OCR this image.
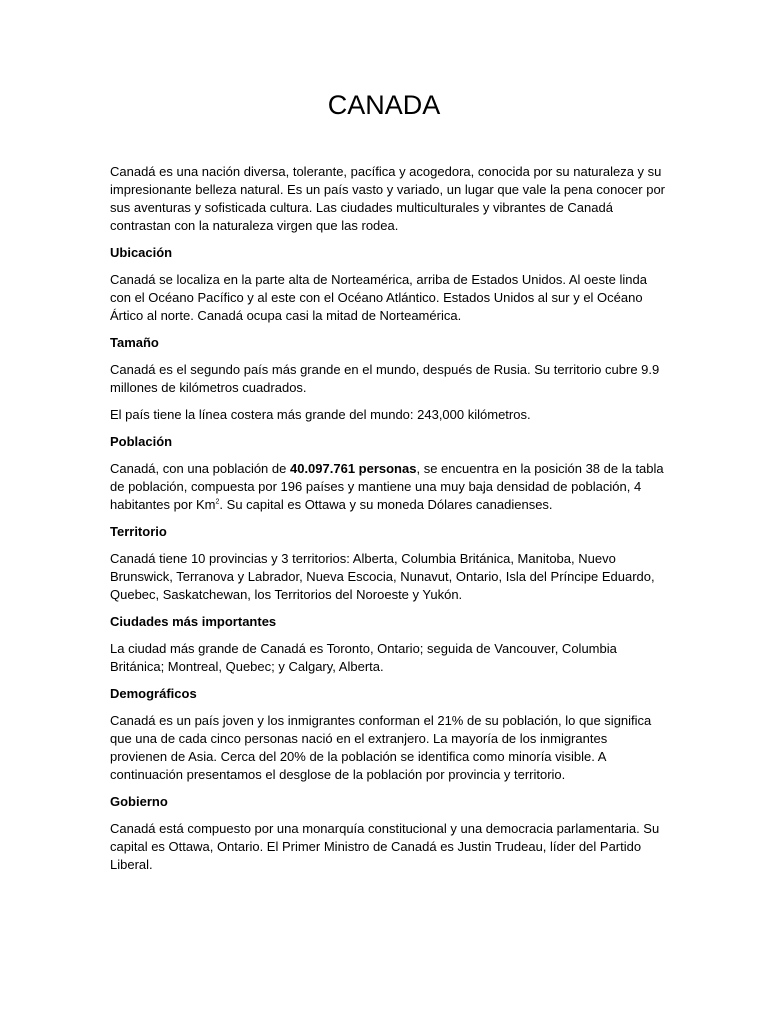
CANADA

Canadá es una nación diversa, tolerante, pacífica y acogedora, conocida por su naturaleza y su impresionante belleza natural. Es un país vasto y variado, un lugar que vale la pena conocer por sus aventuras y sofisticada cultura. Las ciudades multiculturales y vibrantes de Canadá contrastan con la naturaleza virgen que las rodea.

Ubicación

Canadá se localiza en la parte alta de Norteamérica, arriba de Estados Unidos. Al oeste linda con el Océano Pacífico y al este con el Océano Atlántico. Estados Unidos al sur y el Océano Ártico al norte. Canadá ocupa casi la mitad de Norteamérica.

Tamaño

Canadá es el segundo país más grande en el mundo, después de Rusia. Su territorio cubre 9.9 millones de kilómetros cuadrados.

El país tiene la línea costera más grande del mundo: 243,000 kilómetros.

Población

Canadá, con una población de 40.097.761 personas, se encuentra en la posición 38 de la tabla de población, compuesta por 196 países y mantiene una muy baja densidad de población, 4 habitantes por Km$^2$. Su capital es Ottawa y su moneda Dólares canadienses.

Territorio

Canadá tiene 10 provincias y 3 territorios: Alberta, Columbia Británica, Manitoba, Nuevo Brunswick, Terranova y Labrador, Nueva Escocia, Nunavut, Ontario, Isla del Príncipe Eduardo, Quebec, Saskatchewan, los Territorios del Noroeste y Yukón.

Ciudades más importantes

La ciudad más grande de Canadá es Toronto, Ontario; seguida de Vancouver, Columbia Británica; Montreal, Quebec; y Calgary, Alberta.

Demográficos

Canadá es un país joven y los inmigrantes conforman el 21% de su población, lo que significa que una de cada cinco personas nació en el extranjero. La mayoría de los inmigrantes provienen de Asia. Cerca del 20% de la población se identifica como minoría visible. A continuación presentamos el desglose de la población por provincia y territorio.

Gobierno

Canadá está compuesto por una monarquía constitucional y una democracia parlamentaria. Su capital es Ottawa, Ontario. El Primer Ministro de Canadá es Justin Trudeau, líder del Partido Liberal.
